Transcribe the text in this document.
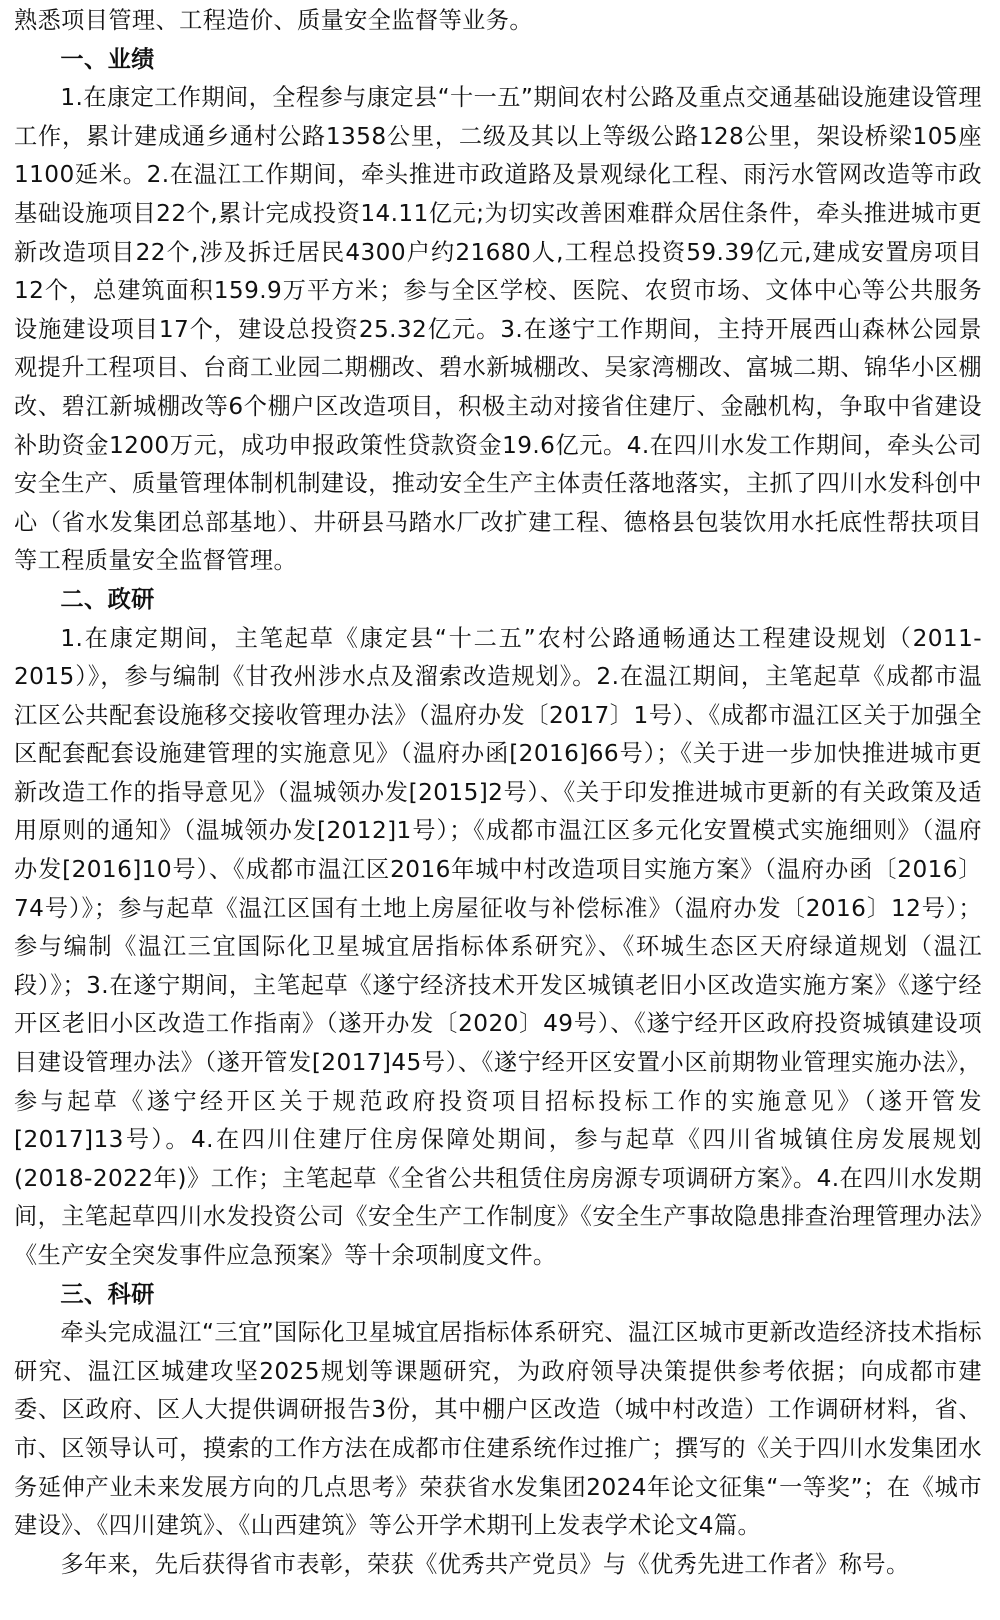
熟悉项目管理、工程造价、质量安全监督等业务。

一、业绩

1.在康定工作期间，全程参与康定县“十一五”期间农村公路及重点交通基础设施建设管理工作，累计建成通乡通村公路1358公里，二级及其以上等级公路128公里，架设桥梁105座1100延米。2.在温江工作期间，牵头推进市政道路及景观绿化工程、雨污水管网改造等市政基础设施项目22个,累计完成投资14.11亿元;为切实改善困难群众居住条件，牵头推进城市更新改造项目22个,涉及拆迁居民4300户约21680人,工程总投资59.39亿元,建成安置房项目12个，总建筑面积159.9万平方米；参与全区学校、医院、农贸市场、文体中心等公共服务设施建设项目17个，建设总投资25.32亿元。3.在遂宁工作期间，主持开展西山森林公园景观提升工程项目、台商工业园二期棚改、碧水新城棚改、吴家湾棚改、富城二期、锦华小区棚改、碧江新城棚改等6个棚户区改造项目，积极主动对接省住建厅、金融机构，争取中省建设补助资金1200万元，成功申报政策性贷款资金19.6亿元。4.在四川水发工作期间，牵头公司安全生产、质量管理体制机制建设，推动安全生产主体责任落地落实，主抓了四川水发科创中心（省水发集团总部基地）、井研县马踏水厂改扩建工程、德格县包装饮用水托底性帮扶项目等工程质量安全监督管理。

二、政研

1.在康定期间，主笔起草《康定县“十二五”农村公路通畅通达工程建设规划（2011-2015）》，参与编制《甘孜州涉水点及溜索改造规划》。2.在温江期间，主笔起草《成都市温江区公共配套设施移交接收管理办法》（温府办发〔2017〕1号）、《成都市温江区关于加强全区配套配套设施建管理的实施意见》（温府办函[2016]66号）；《关于进一步加快推进城市更新改造工作的指导意见》（温城领办发[2015]2号）、《关于印发推进城市更新的有关政策及适用原则的通知》（温城领办发[2012]1号）；《成都市温江区多元化安置模式实施细则》（温府办发[2016]10号）、《成都市温江区2016年城中村改造项目实施方案》（温府办函〔2016〕74号）》；参与起草《温江区国有土地上房屋征收与补偿标准》（温府办发〔2016〕12号）；参与编制《温江三宜国际化卫星城宜居指标体系研究》、《环城生态区天府绿道规划（温江段）》；3.在遂宁期间，主笔起草《遂宁经济技术开发区城镇老旧小区改造实施方案》《遂宁经开区老旧小区改造工作指南》（遂开办发〔2020〕49号）、《遂宁经开区政府投资城镇建设项目建设管理办法》（遂开管发[2017]45号）、《遂宁经开区安置小区前期物业管理实施办法》，参与起草《遂宁经开区关于规范政府投资项目招标投标工作的实施意见》（遂开管发[2017]13号）。4.在四川住建厅住房保障处期间，参与起草《四川省城镇住房发展规划(2018-2022年)》工作；主笔起草《全省公共租赁住房房源专项调研方案》。4.在四川水发期间，主笔起草四川水发投资公司《安全生产工作制度》《安全生产事故隐患排查治理管理办法》《生产安全突发事件应急预案》等十余项制度文件。

三、科研

牵头完成温江“三宜”国际化卫星城宜居指标体系研究、温江区城市更新改造经济技术指标研究、温江区城建攻坚2025规划等课题研究，为政府领导决策提供参考依据；向成都市建委、区政府、区人大提供调研报告3份，其中棚户区改造（城中村改造）工作调研材料，省、市、区领导认可，摸索的工作方法在成都市住建系统作过推广；撰写的《关于四川水发集团水务延伸产业未来发展方向的几点思考》荣获省水发集团2024年论文征集“一等奖”；在《城市建设》、《四川建筑》、《山西建筑》等公开学术期刊上发表学术论文4篇。

多年来，先后获得省市表彰，荣获《优秀共产党员》与《优秀先进工作者》称号。
